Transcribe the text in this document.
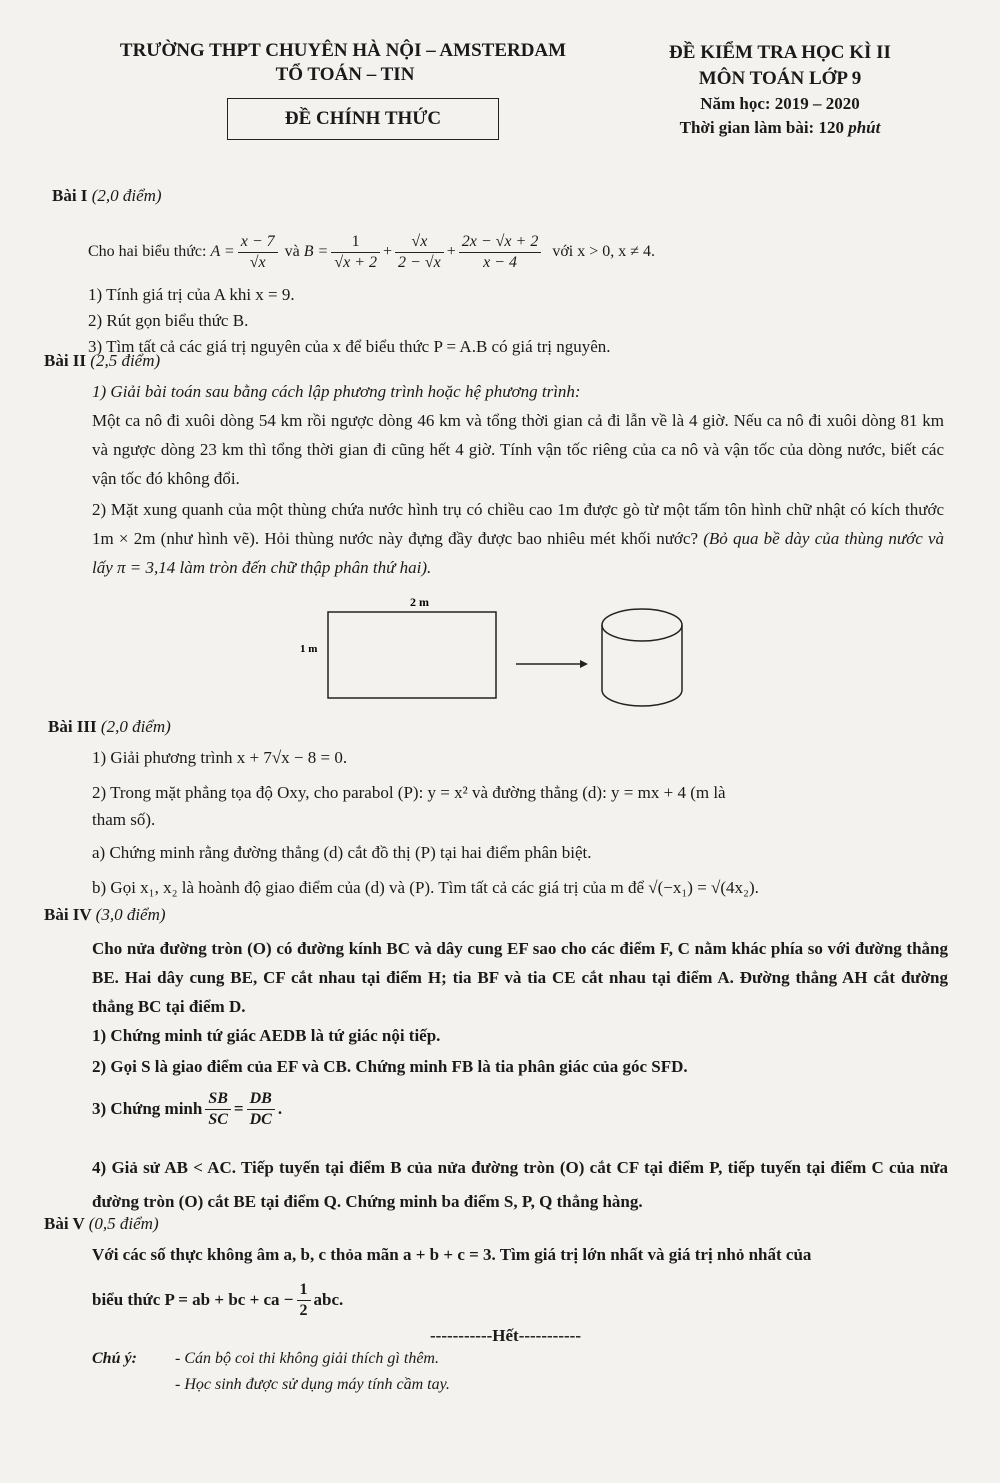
TRƯỜNG THPT CHUYÊN HÀ NỘI – AMSTERDAM
TỔ TOÁN – TIN
ĐỀ CHÍNH THỨC
ĐỀ KIỂM TRA HỌC KÌ II
MÔN TOÁN LỚP 9
Năm học: 2019 – 2020
Thời gian làm bài: 120 phút
Bài I (2,0 điểm)
Cho hai biểu thức:
$A = \frac{x - 7}{√x}$
và
$B = \frac{1}{√x + 2} + \frac{√x}{2 - √x} + \frac{2x - √x + 2}{x - 4}$
với x > 0, x ≠ 4.
1) Tính giá trị của A khi x = 9.
2) Rút gọn biểu thức B.
3) Tìm tất cả các giá trị nguyên của x để biểu thức P = A.B có giá trị nguyên.
Bài II (2,5 điểm)
1) Giải bài toán sau bằng cách lập phương trình hoặc hệ phương trình:
Một ca nô đi xuôi dòng 54 km rồi ngược dòng 46 km và tổng thời gian cả đi lẫn về là 4 giờ. Nếu ca nô đi xuôi dòng 81 km và ngược dòng 23 km thì tổng thời gian đi cũng hết 4 giờ. Tính vận tốc riêng của ca nô và vận tốc của dòng nước, biết các vận tốc đó không đổi.
2) Mặt xung quanh của một thùng chứa nước hình trụ có chiều cao 1m được gò từ một tấm tôn hình chữ nhật có kích thước 1m × 2m (như hình vẽ). Hỏi thùng nước này đựng đầy được bao nhiêu mét khối nước? (Bỏ qua bề dày của thùng nước và lấy π = 3,14 làm tròn đến chữ thập phân thứ hai).
2 m
1 m
Bài III (2,0 điểm)
1) Giải phương trình x + 7√x − 8 = 0.
2) Trong mặt phẳng tọa độ Oxy, cho parabol (P): y = x² và đường thẳng (d): y = mx + 4 (m là
tham số).
a) Chứng minh rằng đường thẳng (d) cắt đồ thị (P) tại hai điểm phân biệt.
b) Gọi x₁, x₂ là hoành độ giao điểm của (d) và (P). Tìm tất cả các giá trị của m để √(−x₁) = √(4x₂).
Bài IV (3,0 điểm)
Cho nửa đường tròn (O) có đường kính BC và dây cung EF sao cho các điểm F, C nằm khác phía so với đường thẳng BE. Hai dây cung BE, CF cắt nhau tại điểm H; tia BF và tia CE cắt nhau tại điểm A. Đường thẳng AH cắt đường thẳng BC tại điểm D.
1) Chứng minh tứ giác AEDB là tứ giác nội tiếp.
2) Gọi S là giao điểm của EF và CB. Chứng minh FB là tia phân giác của góc SFD.
3) Chứng minh $\frac{SB}{SC} = \frac{DB}{DC}$ .
4) Giả sử AB < AC. Tiếp tuyến tại điểm B của nửa đường tròn (O) cắt CF tại điểm P, tiếp tuyến tại điểm C của nửa đường tròn (O) cắt BE tại điểm Q. Chứng minh ba điểm S, P, Q thẳng hàng.
Bài V (0,5 điểm)
Với các số thực không âm a, b, c thỏa mãn a + b + c = 3. Tìm giá trị lớn nhất và giá trị nhỏ nhất của
biểu thức P = ab + bc + ca − $\frac{1}{2}$ abc.
-----------Hết-----------
Chú ý: - Cán bộ coi thi không giải thích gì thêm.
- Học sinh được sử dụng máy tính cầm tay.
